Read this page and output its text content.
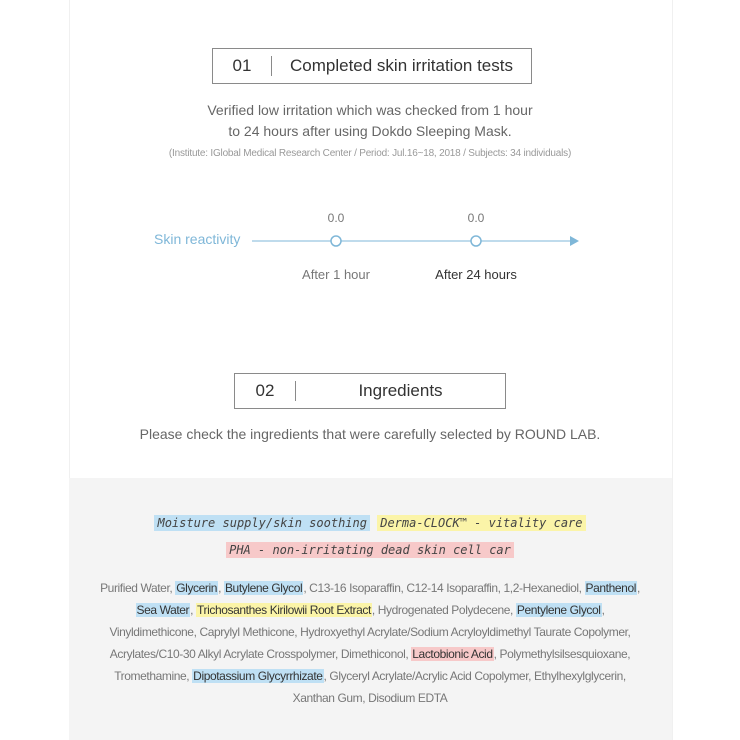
01	Completed skin irritation tests
Verified low irritation which was checked from 1 hour
to 24 hours after using Dokdo Sleeping Mask.
(Institute: IGlobal Medical Research Center / Period: Jul.16~18, 2018 / Subjects: 34 individuals)
Skin reactivity
0.0	0.0
After 1 hour	After 24 hours
02	Ingredients
Please check the ingredients that were carefully selected by ROUND LAB.
Moisture supply/skin soothing Derma-CLOCK™ - vitality care
PHA - non-irritating dead skin cell car
Purified Water, Glycerin, Butylene Glycol, C13-16 Isoparaffin, C12-14 Isoparaffin, 1,2-Hexanediol, Panthenol, Sea Water, Trichosanthes Kirilowii Root Extract, Hydrogenated Polydecene, Pentylene Glycol, Vinyldimethicone, Caprylyl Methicone, Hydroxyethyl Acrylate/Sodium Acryloyldimethyl Taurate Copolymer, Acrylates/C10-30 Alkyl Acrylate Crosspolymer, Dimethiconol, Lactobionic Acid, Polymethylsilsesquioxane, Tromethamine, Dipotassium Glycyrrhizate, Glyceryl Acrylate/Acrylic Acid Copolymer, Ethylhexylglycerin, Xanthan Gum, Disodium EDTA
